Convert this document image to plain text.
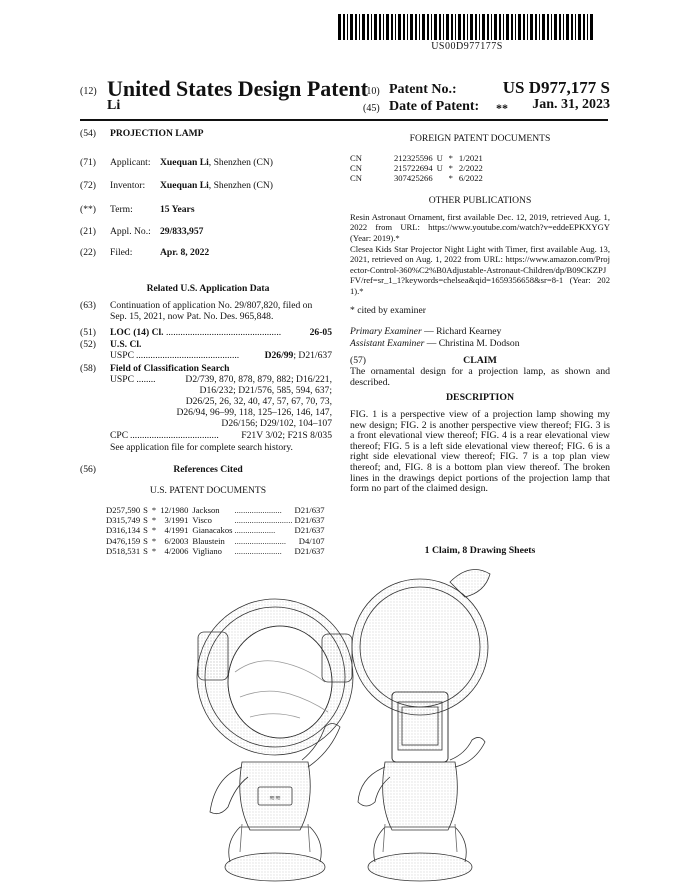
US00D977177S
(12) United States Design Patent
Li
(10) Patent No.:	US D977,177 S
(45) Date of Patent: **	Jan. 31, 2023
(54) PROJECTION LAMP
(71) Applicant: Xuequan Li, Shenzhen (CN)
(72) Inventor: Xuequan Li, Shenzhen (CN)
(**) Term:	15 Years
(21) Appl. No.: 29/833,957
(22) Filed:	Apr. 8, 2022
Related U.S. Application Data
(63) Continuation of application No. 29/807,820, filed on
Sep. 15, 2021, now Pat. No. Des. 965,848.
(51) LOC (14) Cl. ................................................	26-05
(52) U.S. Cl.
USPC ...........................................	D26/99; D21/637
(58) Field of Classification Search
USPC ........	D2/739, 870, 878, 879, 882; D16/221,
D16/232; D21/576, 585, 594, 637;
D26/25, 26, 32, 40, 47, 57, 67, 70, 73,
D26/94, 96–99, 118, 125–126, 146, 147,
D26/156; D29/102, 104–107
CPC .....................................	F21V 3/02; F21S 8/035
See application file for complete search history.
(56)	References Cited
U.S. PATENT DOCUMENTS
D257,590	S	*	12/1980	Jackson	......................	D21/637
D315,749	S	*	3/1991	Visco	...........................	D21/637
D316,134	S	*	4/1991	Gianacakos	...................	D21/637
D476,159	S	*	6/2003	Blaustein	........................	D4/107
D518,531	S	*	4/2006	Vigliano	......................	D21/637
FOREIGN PATENT DOCUMENTS
CN	212325596	U	*	1/2021
CN	215722694	U	*	2/2022
CN	307425266		*	6/2022
OTHER PUBLICATIONS
Resin Astronaut Ornament, first available Dec. 12, 2019, retrieved Aug. 1, 2022 from URL: https://www.youtube.com/watch?v=eddeEPKXYGY (Year: 2019).*
Clesea Kids Star Projector Night Light with Timer, first available Aug. 13, 2021, retrieved on Aug. 1, 2022 from URL: https://www.amazon.com/Projector-Control-360%C2%B0Adjustable-Astronaut-Children/dp/B09CKZPJFV/ref=sr_1_1?keywords=chelsea&qid=1659356658&sr=8-1 (Year: 2021).*
* cited by examiner
Primary Examiner — Richard Kearney
Assistant Examiner — Christina M. Dodson
(57)	CLAIM
The ornamental design for a projection lamp, as shown and described.
DESCRIPTION
FIG. 1 is a perspective view of a projection lamp showing my new design; FIG. 2 is another perspective view thereof; FIG. 3 is a front elevational view thereof; FIG. 4 is a rear elevational view thereof; FIG. 5 is a left side elevational view thereof; FIG. 6 is a right side elevational view thereof; FIG. 7 is a top plan view thereof; and, FIG. 8 is a bottom plan view thereof. The broken lines in the drawings depict portions of the projection lamp that form no part of the claimed design.
1 Claim, 8 Drawing Sheets
≋≋
